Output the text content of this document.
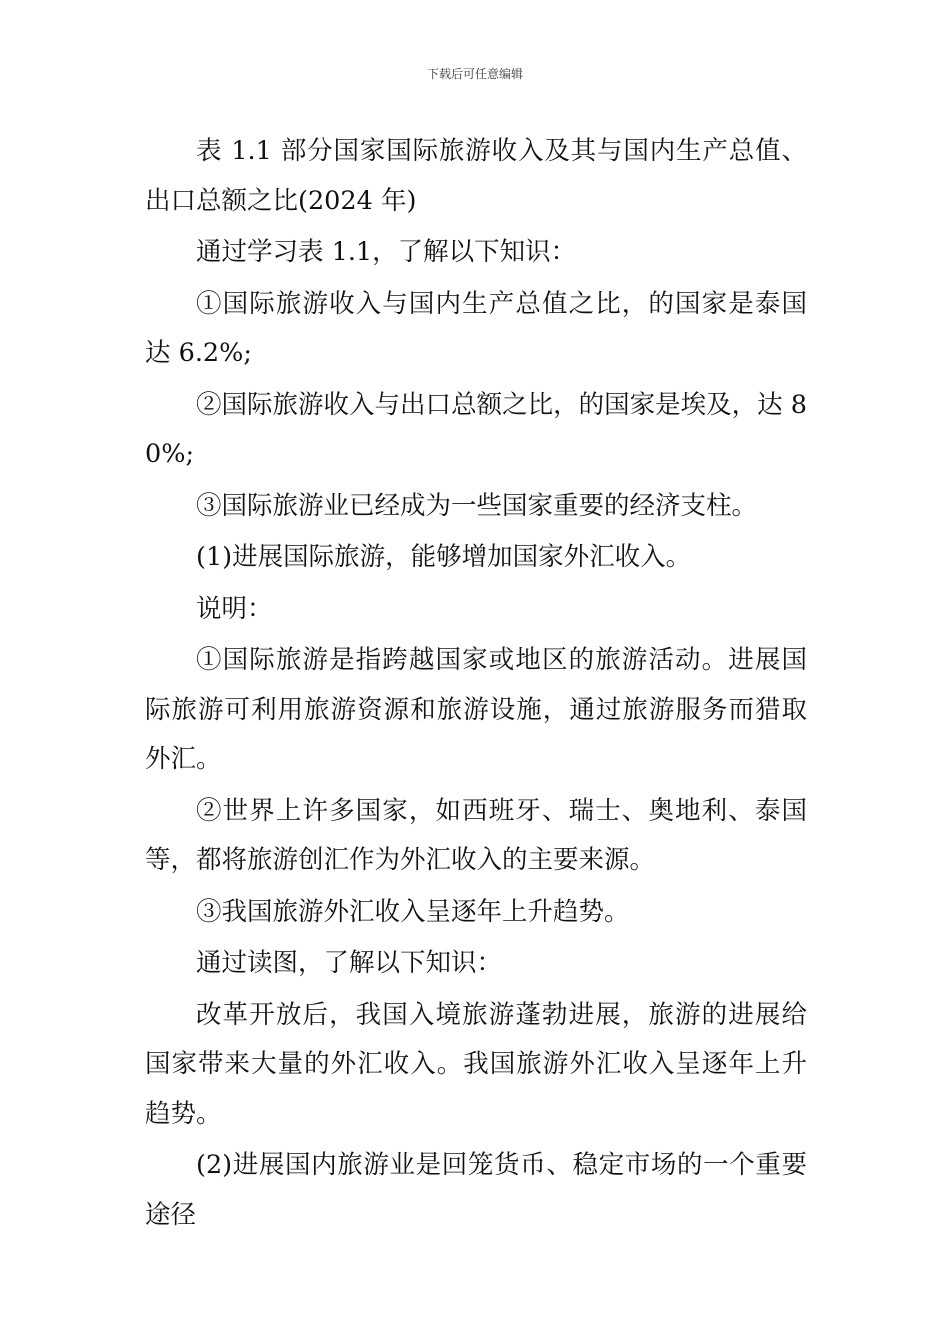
下载后可任意编辑

表 1.1 部分国家国际旅游收入及其与国内生产总值、出口总额之比(2024 年)

通过学习表 1.1，了解以下知识：

①国际旅游收入与国内生产总值之比，的国家是泰国达 6.2%;

②国际旅游收入与出口总额之比，的国家是埃及，达 80%;

③国际旅游业已经成为一些国家重要的经济支柱。

(1)进展国际旅游，能够增加国家外汇收入。

说明：

①国际旅游是指跨越国家或地区的旅游活动。进展国际旅游可利用旅游资源和旅游设施，通过旅游服务而猎取外汇。

②世界上许多国家，如西班牙、瑞士、奥地利、泰国等，都将旅游创汇作为外汇收入的主要来源。

③我国旅游外汇收入呈逐年上升趋势。

通过读图，了解以下知识：

改革开放后，我国入境旅游蓬勃进展，旅游的进展给国家带来大量的外汇收入。我国旅游外汇收入呈逐年上升趋势。

(2)进展国内旅游业是回笼货币、稳定市场的一个重要途径
